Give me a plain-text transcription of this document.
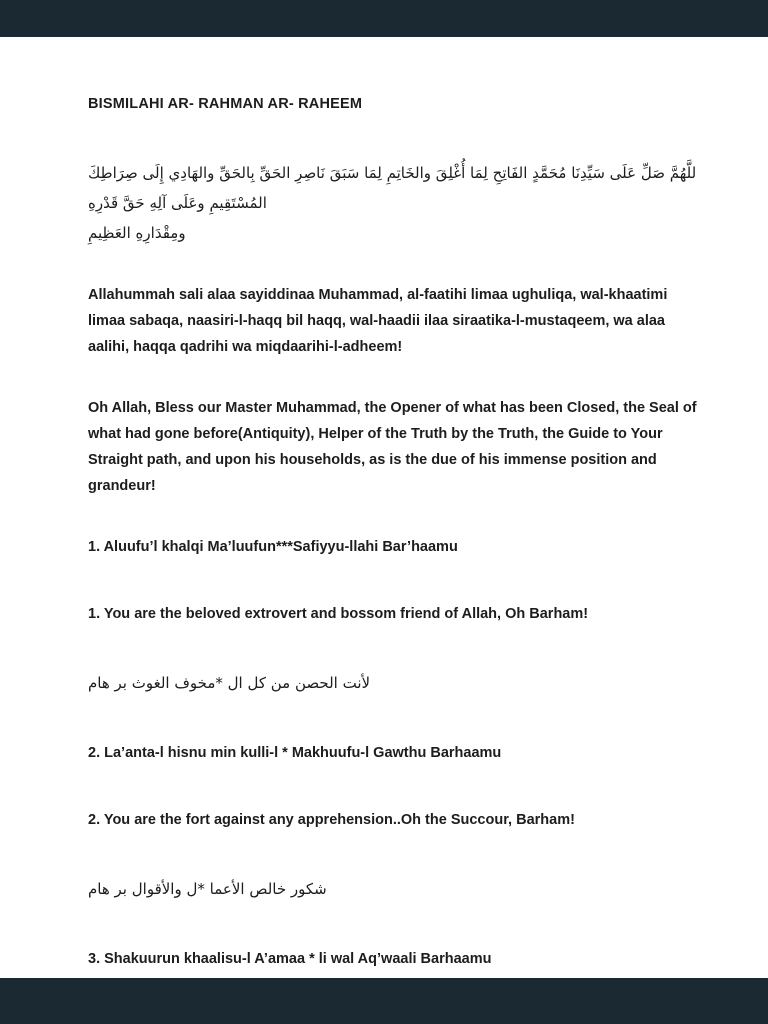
BISMILAHI AR- RAHMAN AR- RAHEEM

للَّهُمَّ صَلِّ عَلَى سَيِّدِنَا مُحَمَّدٍ الفَاتِحِ لِمَا أُغْلِقَ والخَاتِمِ لِمَا سَبَقَ نَاصِرِ الحَقِّ بِالحَقِّ والهَادِي إِلَى صِرَاطِكَ المُسْتَقِيمِ وعَلَى آلِهِ حَقَّ قَدْرِهِ
ومِقْدَارِهِ العَظِيمِ

Allahummah sali alaa sayiddinaa Muhammad, al-faatihi limaa ughuliqa, wal-khaatimi limaa sabaqa, naasiri-l-haqq bil haqq, wal-haadii ilaa siraatika-l-mustaqeem, wa alaa aalihi, haqqa qadrihi wa miqdaarihi-l-adheem!

Oh Allah, Bless our Master Muhammad, the Opener of what has been Closed, the Seal of what had gone before(Antiquity), Helper of the Truth by the Truth, the Guide to Your Straight path, and upon his households, as is the due of his immense position and grandeur!

1. Aluufu’l khalqi Ma’luufun***Safiyyu-llahi Bar’haamu

1. You are the beloved extrovert and bossom friend of Allah, Oh Barham!

لأنت الحصن من كل ال *مخوف الغوث بر هام

2. La’anta-l hisnu min kulli-l * Makhuufu-l Gawthu Barhaamu

2. You are the fort against any apprehension..Oh the Succour, Barham!

شكور خالص الأعما *ل والأقوال بر هام

3. Shakuurun khaalisu-l A’amaa * li wal Aq’waali Barhaamu
